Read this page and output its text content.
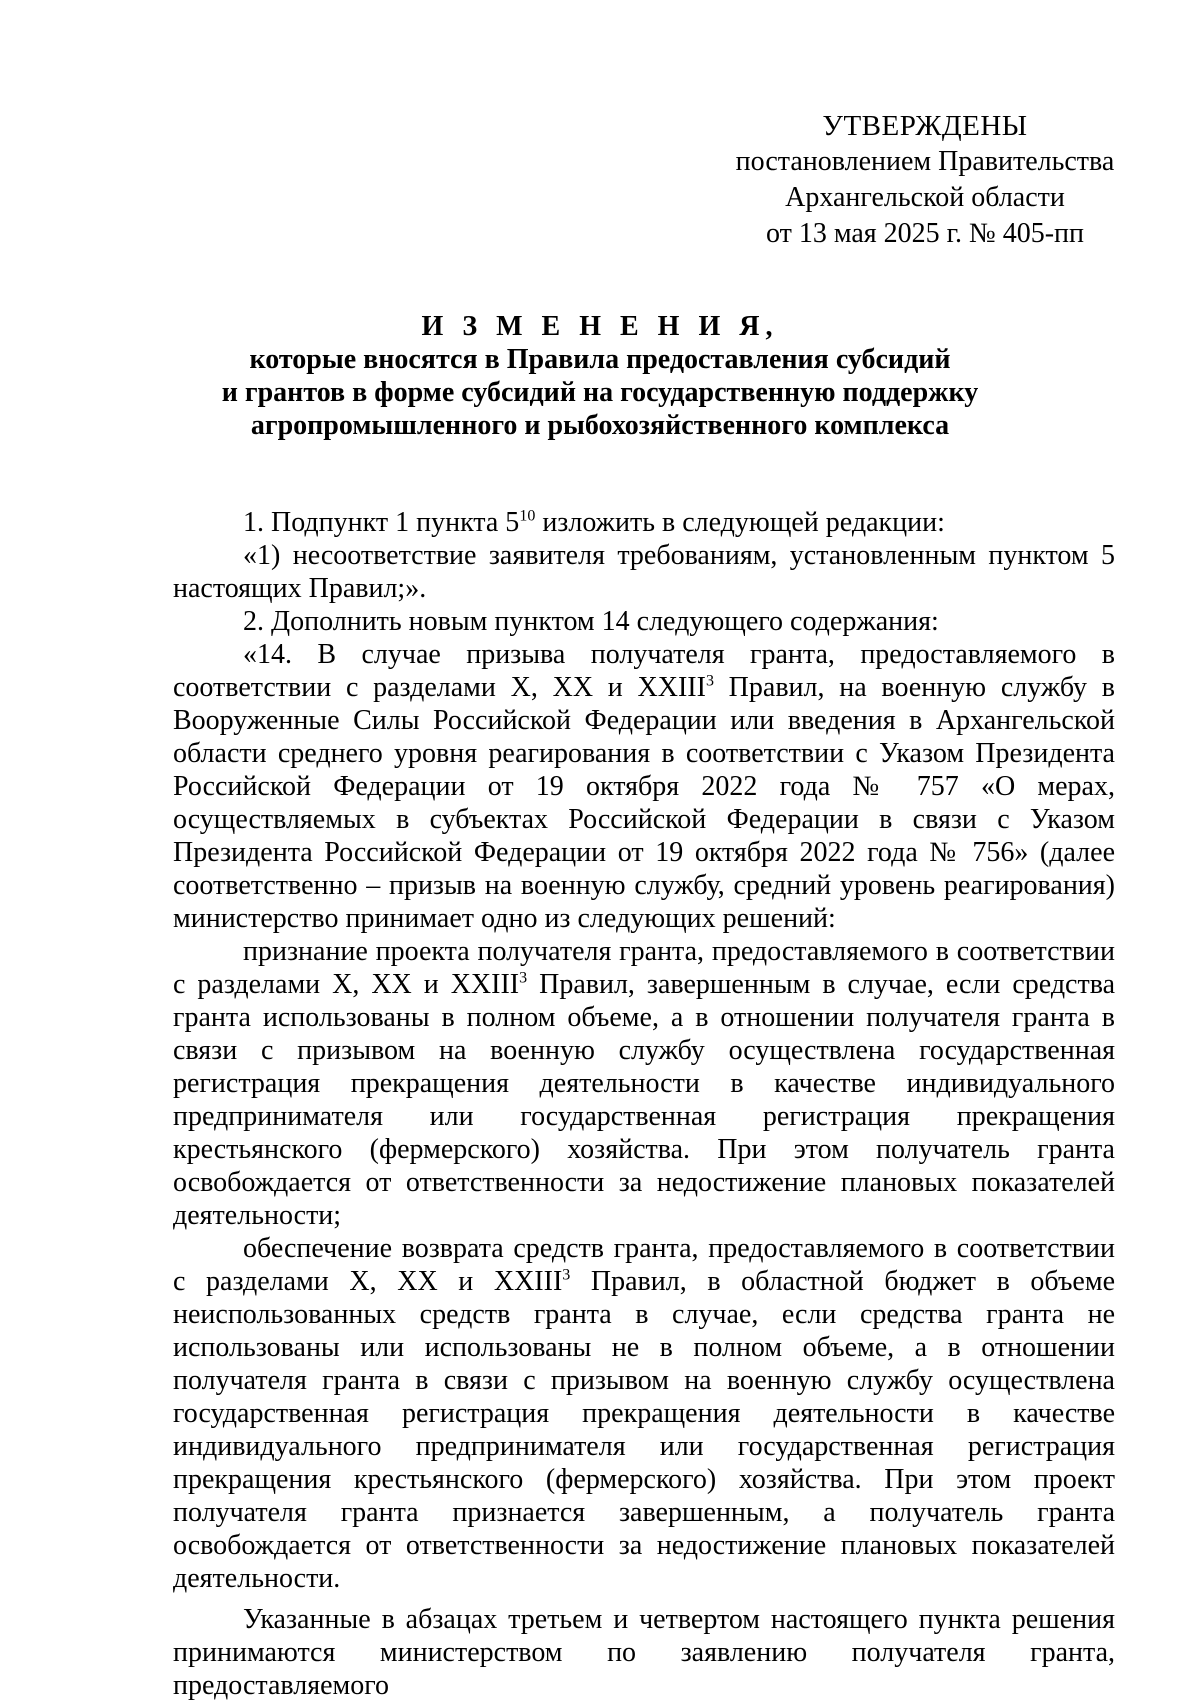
УТВЕРЖДЕНЫ
постановлением Правительства
Архангельской области
от 13 мая 2025 г. № 405-пп
И З М Е Н Е Н И Я,
которые вносятся в Правила предоставления субсидий
и грантов в форме субсидий на государственную поддержку
агропромышленного и рыбохозяйственного комплекса

1. Подпункт 1 пункта $5^{10}$ изложить в следующей редакции:

«1) несоответствие заявителя требованиям, установленным пунктом 5 настоящих Правил;».

2. Дополнить новым пунктом 14 следующего содержания:

«14. В случае призыва получателя гранта, предоставляемого в соответствии с разделами X, XX и XXIII$^3$ Правил, на военную службу в Вооруженные Силы Российской Федерации или введения в Архангельской области среднего уровня реагирования в соответствии с Указом Президента Российской Федерации от 19 октября 2022 года № 757 «О мерах, осуществляемых в субъектах Российской Федерации в связи с Указом Президента Российской Федерации от 19 октября 2022 года № 756» (далее соответственно – призыв на военную службу, средний уровень реагирования) министерство принимает одно из следующих решений:

признание проекта получателя гранта, предоставляемого в соответствии с разделами X, XX и XXIII$^3$ Правил, завершенным в случае, если средства гранта использованы в полном объеме, а в отношении получателя гранта в связи с призывом на военную службу осуществлена государственная регистрация прекращения деятельности в качестве индивидуального предпринимателя или государственная регистрация прекращения крестьянского (фермерского) хозяйства. При этом получатель гранта освобождается от ответственности за недостижение плановых показателей деятельности;

обеспечение возврата средств гранта, предоставляемого в соответствии с разделами X, XX и XXIII$^3$ Правил, в областной бюджет в объеме неиспользованных средств гранта в случае, если средства гранта не использованы или использованы не в полном объеме, а в отношении получателя гранта в связи с призывом на военную службу осуществлена государственная регистрация прекращения деятельности в качестве индивидуального предпринимателя или государственная регистрация прекращения крестьянского (фермерского) хозяйства. При этом проект получателя гранта признается завершенным, а получатель гранта освобождается от ответственности за недостижение плановых показателей деятельности.

Указанные в абзацах третьем и четвертом настоящего пункта решения принимаются министерством по заявлению получателя гранта, предоставляемого
